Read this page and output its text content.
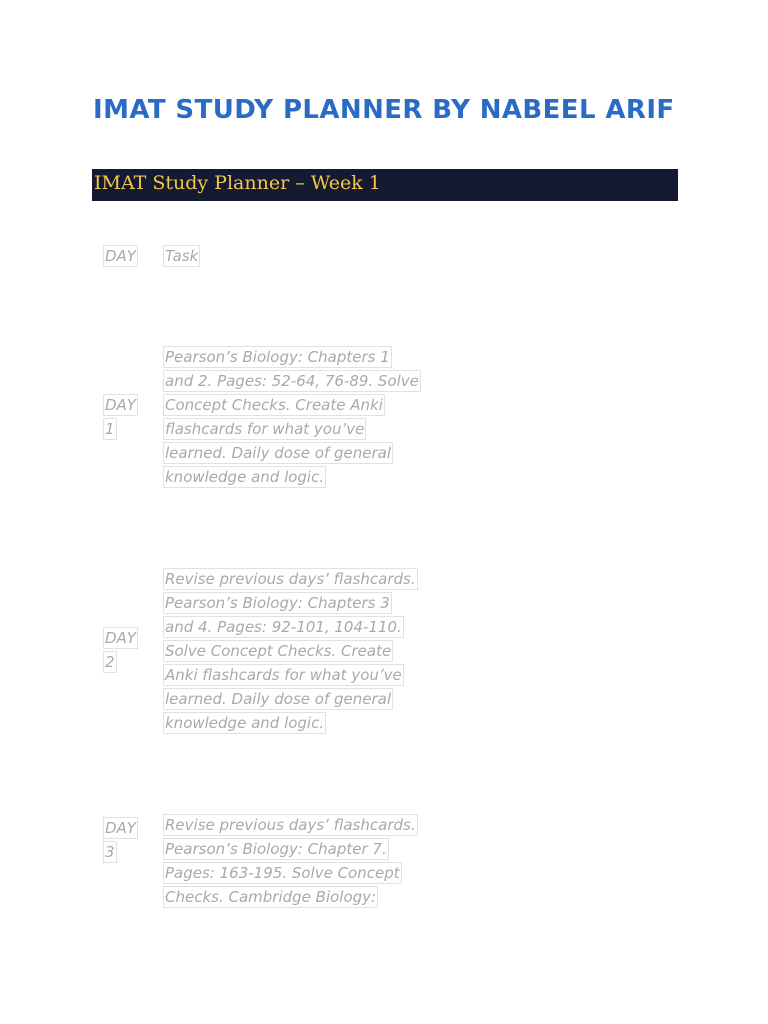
IMAT STUDY PLANNER BY NABEEL ARIF
IMAT Study Planner – Week 1
DAY	Task
DAY
1
Pearson’s Biology: Chapters 1
and 2. Pages: 52-64, 76-89. Solve
Concept Checks. Create Anki
flashcards for what you’ve
learned. Daily dose of general
knowledge and logic.
DAY
2
Revise previous days’ flashcards.
Pearson’s Biology: Chapters 3
and 4. Pages: 92-101, 104-110.
Solve Concept Checks. Create
Anki flashcards for what you’ve
learned. Daily dose of general
knowledge and logic.
DAY
3
Revise previous days’ flashcards.
Pearson’s Biology: Chapter 7.
Pages: 163-195. Solve Concept
Checks. Cambridge Biology:
